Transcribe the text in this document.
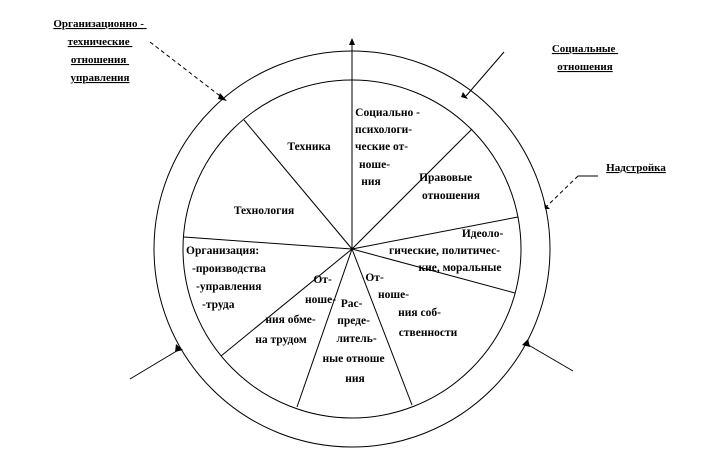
Организационно - технические отношения управления
Социальные отношения
Надстройка
Техника
Социально - психологи- ческие от- ноше- ния	Правовые отношения
Идеоло- гические, политичес- кие, моральные
Технология
Организация: -производства -управления -труда
От- ноше- ния обме- на трудом
Рас- преде- литель- ные отноше ния
От- ноше- ния соб- ственности
